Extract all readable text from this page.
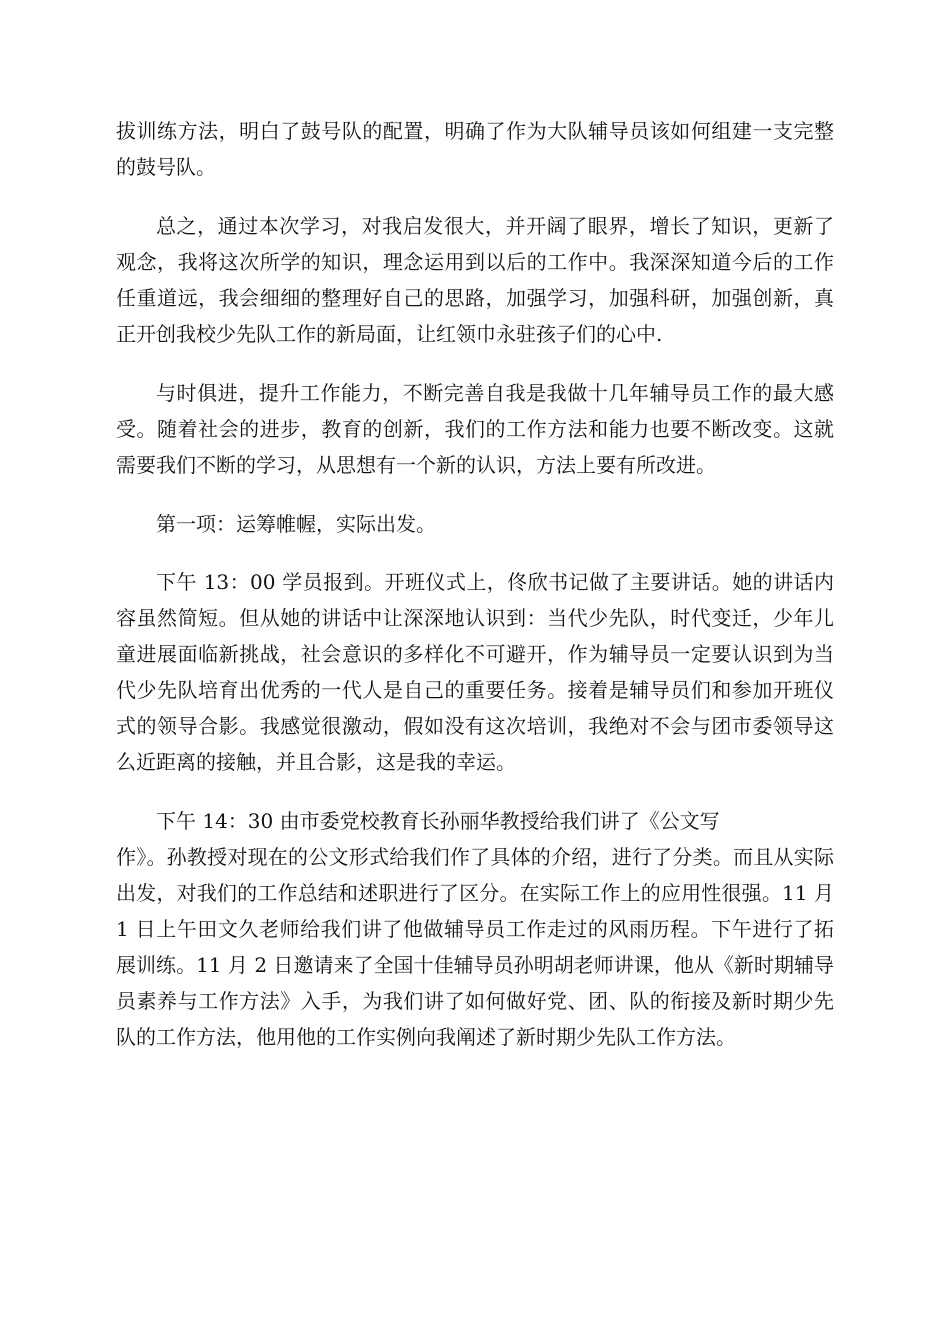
拔训练方法，明白了鼓号队的配置，明确了作为大队辅导员该如何组建一支完整的鼓号队。

总之，通过本次学习，对我启发很大，并开阔了眼界，增长了知识，更新了观念，我将这次所学的知识，理念运用到以后的工作中。我深深知道今后的工作任重道远，我会细细的整理好自己的思路，加强学习，加强科研，加强创新，真正开创我校少先队工作的新局面，让红领巾永驻孩子们的心中.

与时俱进，提升工作能力，不断完善自我是我做十几年辅导员工作的最大感受。随着社会的进步，教育的创新，我们的工作方法和能力也要不断改变。这就需要我们不断的学习，从思想有一个新的认识，方法上要有所改进。

第一项：运筹帷幄，实际出发。

下午 13：00 学员报到。开班仪式上，佟欣书记做了主要讲话。她的讲话内容虽然简短。但从她的讲话中让深深地认识到：当代少先队，时代变迁，少年儿童进展面临新挑战，社会意识的多样化不可避开，作为辅导员一定要认识到为当代少先队培育出优秀的一代人是自己的重要任务。接着是辅导员们和参加开班仪式的领导合影。我感觉很激动，假如没有这次培训，我绝对不会与团市委领导这么近距离的接触，并且合影，这是我的幸运。

下午 14：30 由市委党校教育长孙丽华教授给我们讲了《公文写
作》。孙教授对现在的公文形式给我们作了具体的介绍，进行了分类。而且从实际出发，对我们的工作总结和述职进行了区分。在实际工作上的应用性很强。11 月 1 日上午田文久老师给我们讲了他做辅导员工作走过的风雨历程。下午进行了拓展训练。11 月 2 日邀请来了全国十佳辅导员孙明胡老师讲课，他从《新时期辅导员素养与工作方法》入手，为我们讲了如何做好党、团、队的衔接及新时期少先队的工作方法，他用他的工作实例向我阐述了新时期少先队工作方法。
